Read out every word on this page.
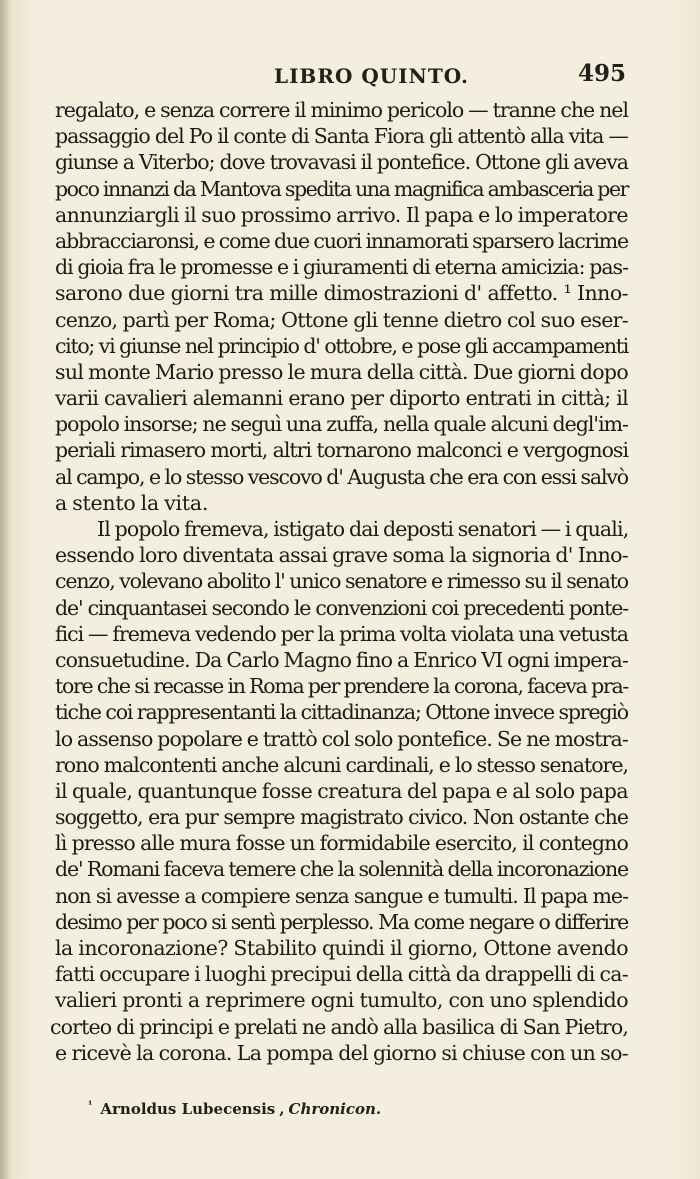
LIBRO QUINTO.	495
regalato, e senza correre il minimo pericolo — tranne che nel
passaggio del Po il conte di Santa Fiora gli attentò alla vita —
giunse a Viterbo; dove trovavasi il pontefice. Ottone gli aveva
poco innanzi da Mantova spedita una magnifica ambasceria per
annunziargli il suo prossimo arrivo. Il papa e lo imperatore
abbracciaronsi, e come due cuori innamorati sparsero lacrime
di gioia fra le promesse e i giuramenti di eterna amicizia: pas-
sarono due giorni tra mille dimostrazioni d' affetto. ¹ Inno-
cenzo, partì per Roma; Ottone gli tenne dietro col suo eser-
cito; vi giunse nel principio d' ottobre, e pose gli accampamenti
sul monte Mario presso le mura della città. Due giorni dopo
varii cavalieri alemanni erano per diporto entrati in città; il
popolo insorse; ne seguì una zuffa, nella quale alcuni degl'im-
periali rimasero morti, altri tornarono malconci e vergognosi
al campo, e lo stesso vescovo d' Augusta che era con essi salvò
a stento la vita.
Il popolo fremeva, istigato dai deposti senatori — i quali,
essendo loro diventata assai grave soma la signoria d' Inno-
cenzo, volevano abolito l' unico senatore e rimesso su il senato
de' cinquantasei secondo le convenzioni coi precedenti ponte-
fici — fremeva vedendo per la prima volta violata una vetusta
consuetudine. Da Carlo Magno fino a Enrico VI ogni impera-
tore che si recasse in Roma per prendere la corona, faceva pra-
tiche coi rappresentanti la cittadinanza; Ottone invece spregiò
lo assenso popolare e trattò col solo pontefice. Se ne mostra-
rono malcontenti anche alcuni cardinali, e lo stesso senatore,
il quale, quantunque fosse creatura del papa e al solo papa
soggetto, era pur sempre magistrato civico. Non ostante che
lì presso alle mura fosse un formidabile esercito, il contegno
de' Romani faceva temere che la solennità della incoronazione
non si avesse a compiere senza sangue e tumulti. Il papa me-
desimo per poco si sentì perplesso. Ma come negare o differire
la incoronazione? Stabilito quindi il giorno, Ottone avendo
fatti occupare i luoghi precipui della città da drappelli di ca-
valieri pronti a reprimere ogni tumulto, con uno splendido
corteo di principi e prelati ne andò alla basilica di San Pietro,
e ricevè la corona. La pompa del giorno si chiuse con un so-
$^{^1}$ Arnoldus Lubecensis , Chronicon.
